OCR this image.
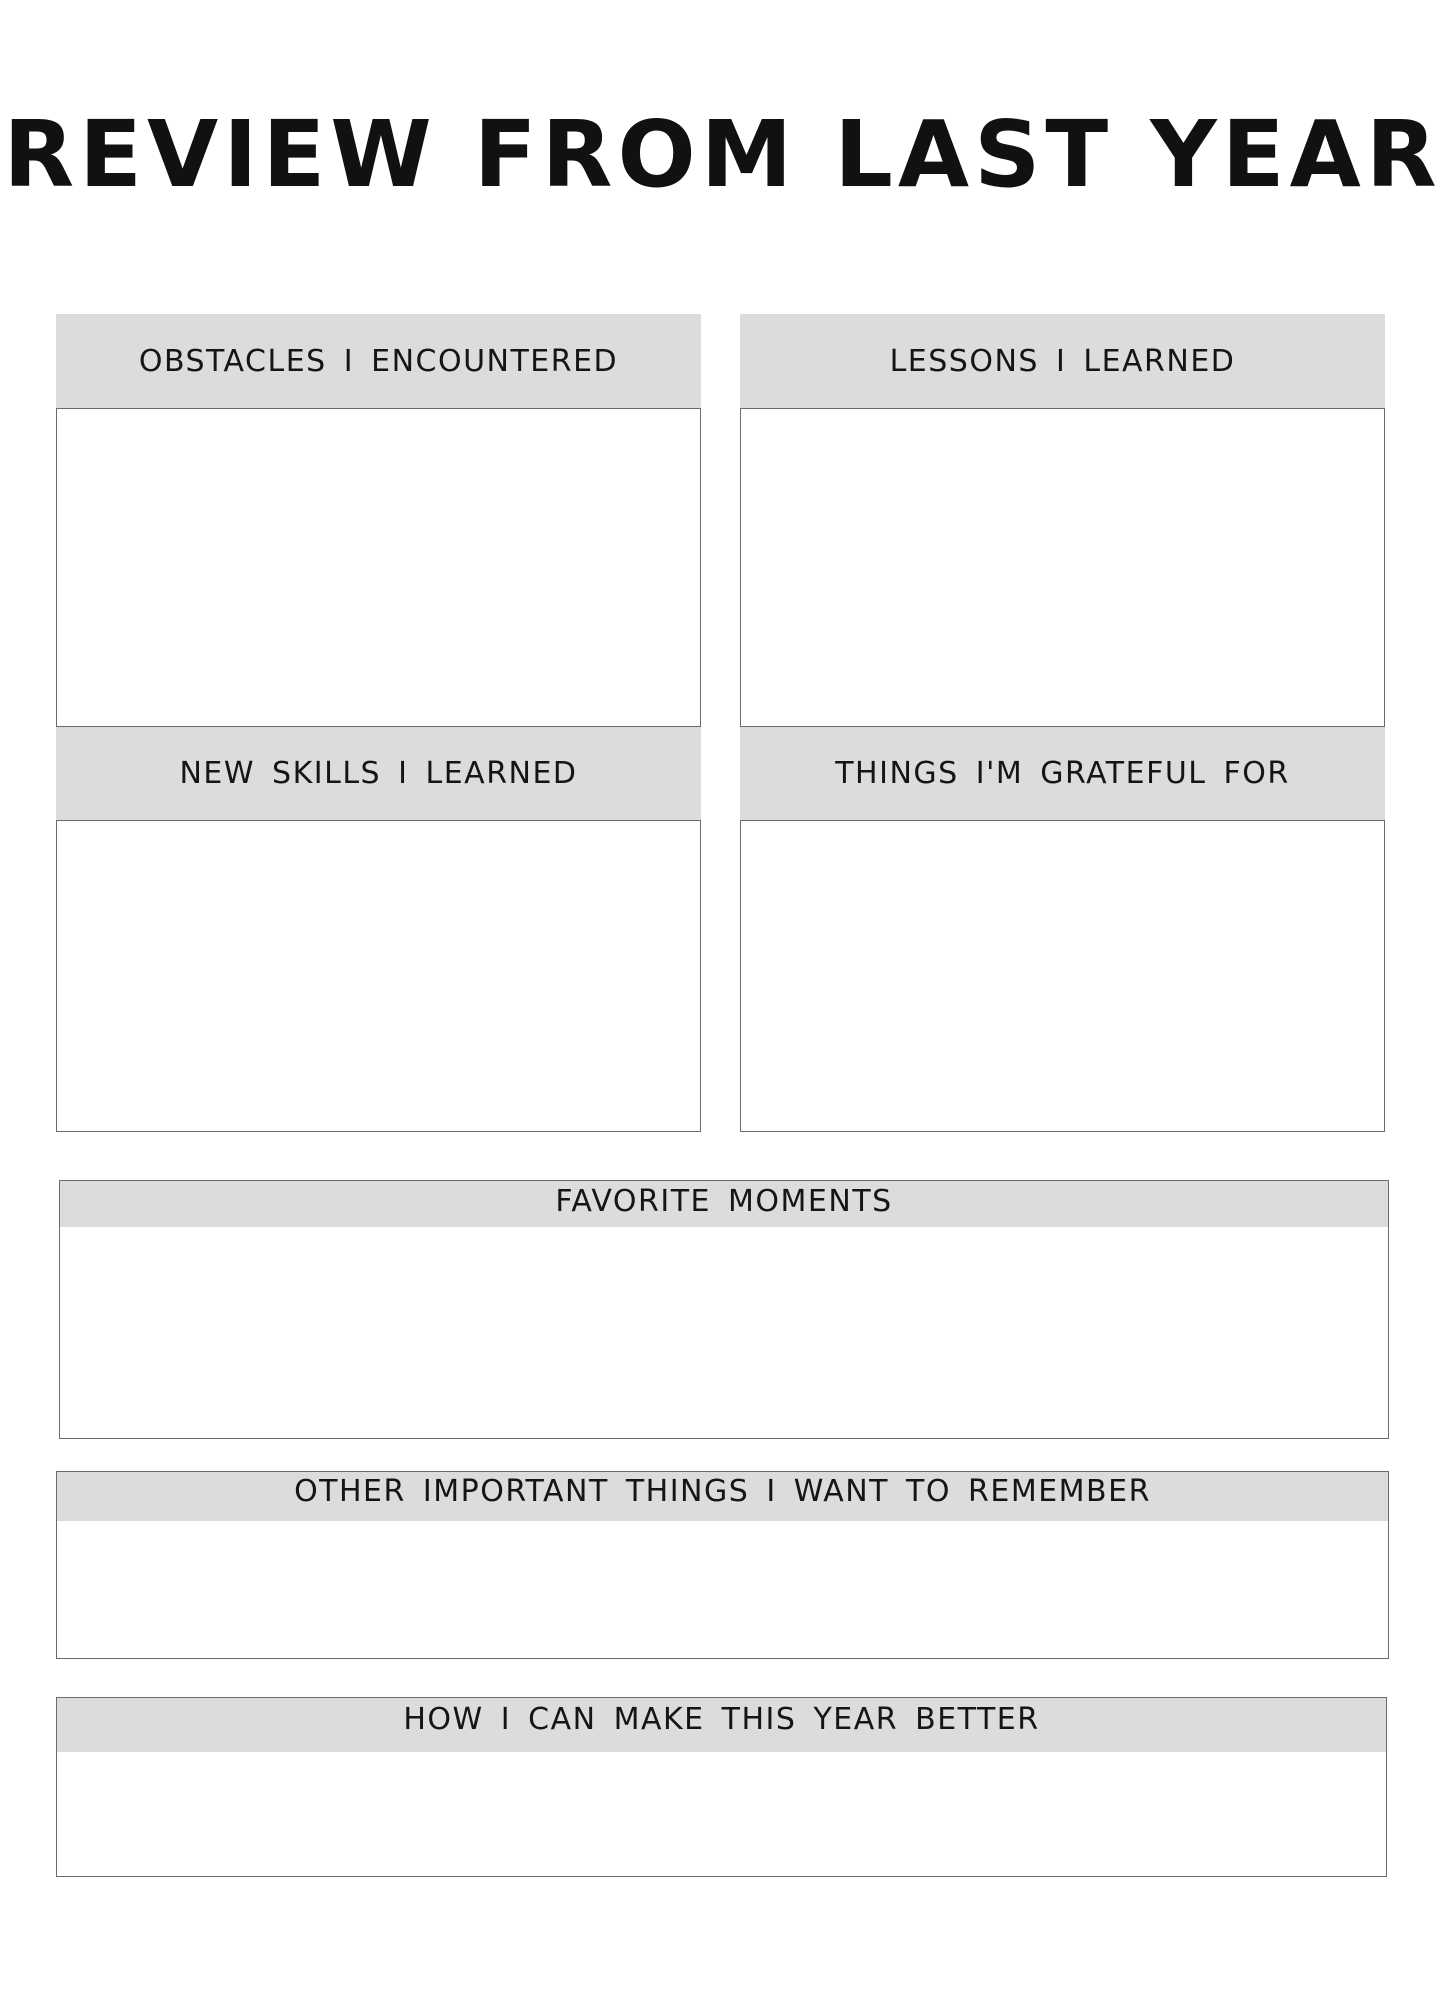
REVIEW FROM LAST YEAR
OBSTACLES I ENCOUNTERED	LESSONS I LEARNED
NEW SKILLS I LEARNED	THINGS I'M GRATEFUL FOR
FAVORITE MOMENTS
OTHER IMPORTANT THINGS I WANT TO REMEMBER
HOW I CAN MAKE THIS YEAR BETTER
